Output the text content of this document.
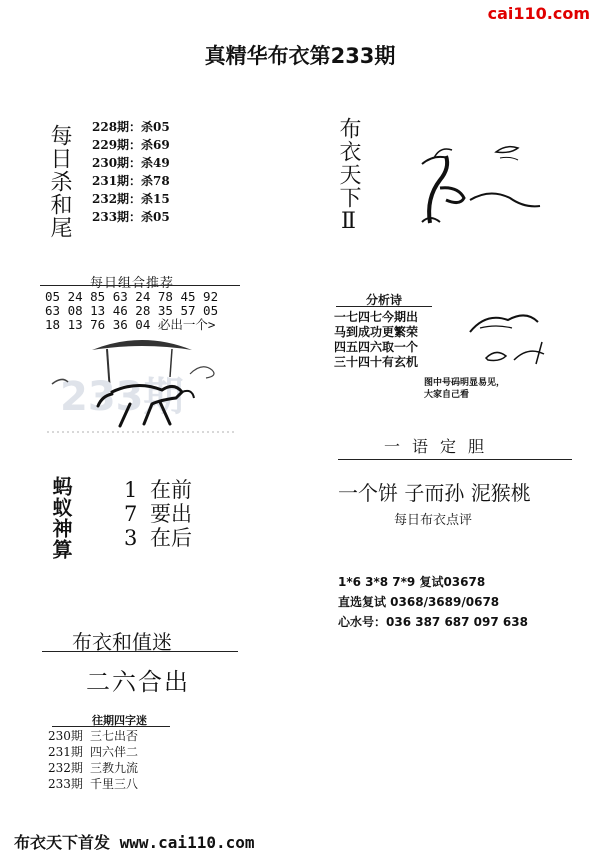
cai110.com
真精华布衣第233期
每日杀和尾 228期：杀05
229期：杀69
230期：杀49
231期：杀78
232期：杀15
233期：杀05
每日组合推荐
05 24 85 63 24 78 45 92
63 08 13 46 28 35 57 05
18 13 76 36 04 必出一个>
233期
蚂蚁神算 1 在前
7 要出
3 在后
布衣和值迷
二六合出
往期四字迷
230期 三七出否
231期 四六伴二
232期 三教九流
233期 千里三八
布衣天下首发 www.cai110.com
布衣天下Ⅱ
分析诗
一七四七今期出
马到成功更繁荣
四五四六取一个
三十四十有玄机
图中号码明显易见，
大家自己看
一语定胆
一个饼 子而孙 泥猴桃
每日布衣点评
1*6 3*8 7*9 复试03678
直选复试 0368/3689/0678
心水号：036 387 687 097 638
